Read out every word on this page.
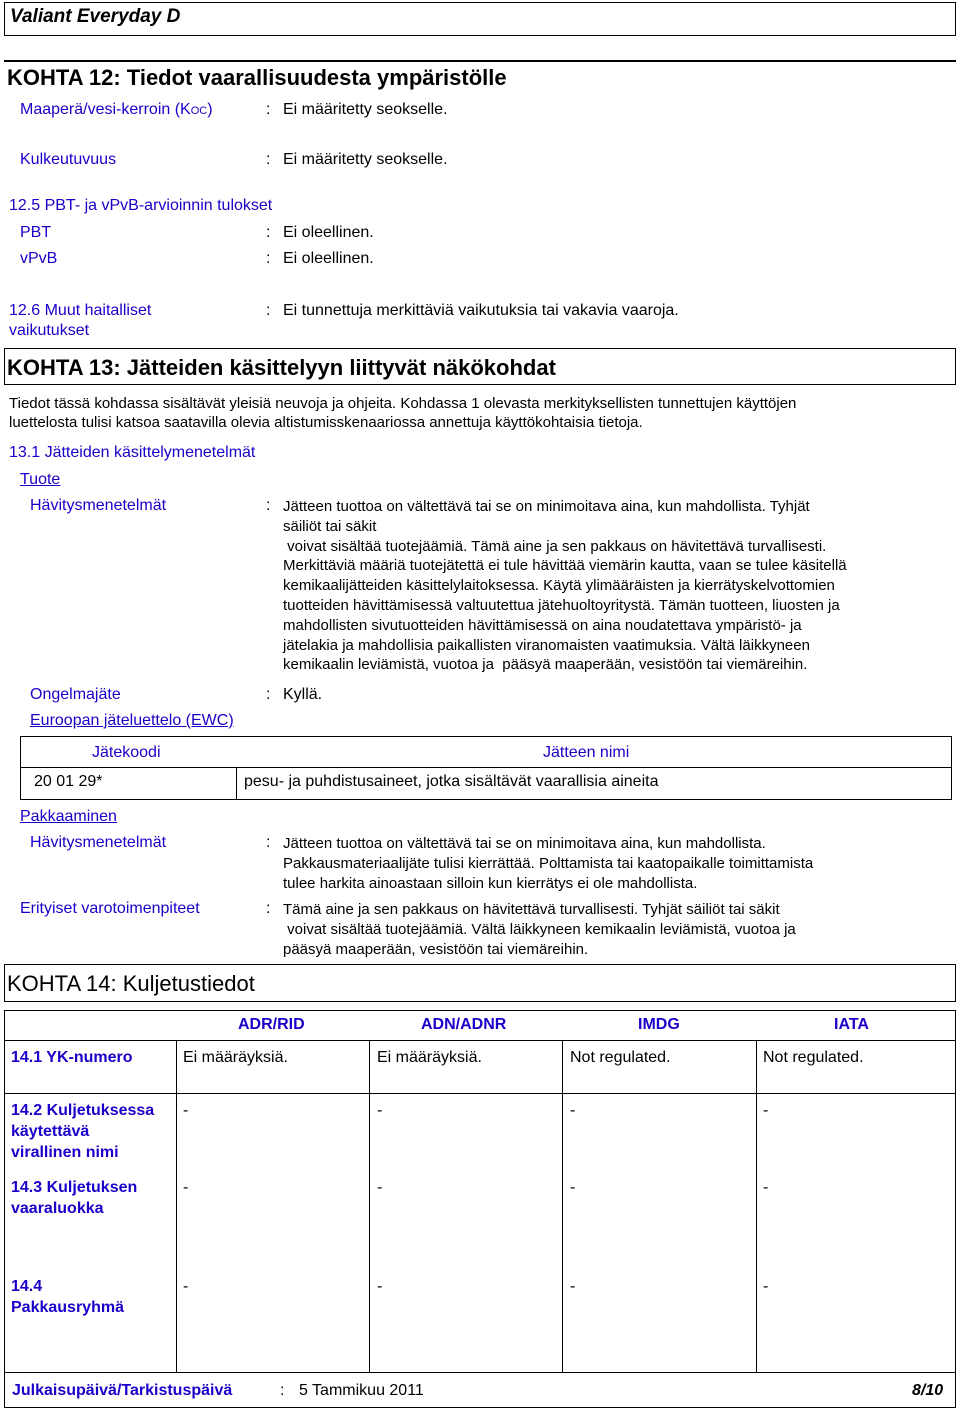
Valiant Everyday D
KOHTA 12: Tiedot vaarallisuudesta ympäristölle
Maaperä/vesi-kerroin (KOC)	: Ei määritetty seokselle.
Kulkeutuvuus	: Ei määritetty seokselle.
12.5 PBT- ja vPvB-arvioinnin tulokset
PBT	: Ei oleellinen.
vPvB	: Ei oleellinen.
12.6 Muut haitalliset
vaikutukset
: Ei tunnettuja merkittäviä vaikutuksia tai vakavia vaaroja.
KOHTA 13: Jätteiden käsittelyyn liittyvät näkökohdat
Tiedot tässä kohdassa sisältävät yleisiä neuvoja ja ohjeita. Kohdassa 1 olevasta merkityksellisten tunnettujen käyttöjen
luettelosta tulisi katsoa saatavilla olevia altistumisskenaariossa annettuja käyttökohtaisia tietoja.
13.1 Jätteiden käsittelymenetelmät
Tuote
Hävitysmenetelmät	: Jätteen tuottoa on vältettävä tai se on minimoitava aina, kun mahdollista. Tyhjät
säiliöt tai säkit
voivat sisältää tuotejäämiä. Tämä aine ja sen pakkaus on hävitettävä turvallisesti.
Merkittäviä määriä tuotejätettä ei tule hävittää viemärin kautta, vaan se tulee käsitellä
kemikaalijätteiden käsittelylaitoksessa. Käytä ylimääräisten ja kierrätyskelvottomien
tuotteiden hävittämisessä valtuutettua jätehuoltoyritystä. Tämän tuotteen, liuosten ja
mahdollisten sivutuotteiden hävittämisessä on aina noudatettava ympäristö- ja
jätelakia ja mahdollisia paikallisten viranomaisten vaatimuksia. Vältä läikkyneen
kemikaalin leviämistä, vuotoa ja  pääsyä maaperään, vesistöön tai viemäreihin.
Ongelmajäte	: Kyllä.
Euroopan jäteluettelo (EWC)
Jätekoodi	Jätteen nimi
20 01 29*	pesu- ja puhdistusaineet, jotka sisältävät vaarallisia aineita
Pakkaaminen
Hävitysmenetelmät	: Jätteen tuottoa on vältettävä tai se on minimoitava aina, kun mahdollista.
Pakkausmateriaalijäte tulisi kierrättää. Polttamista tai kaatopaikalle toimittamista
tulee harkita ainoastaan silloin kun kierrätys ei ole mahdollista.
Erityiset varotoimenpiteet	: Tämä aine ja sen pakkaus on hävitettävä turvallisesti. Tyhjät säiliöt tai säkit
voivat sisältää tuotejäämiä. Vältä läikkyneen kemikaalin leviämistä, vuotoa ja
pääsyä maaperään, vesistöön tai viemäreihin.
KOHTA 14: Kuljetustiedot
ADR/RID	ADN/ADNR	IMDG	IATA
14.1 YK-numero	Ei määräyksiä.	Ei määräyksiä.	Not regulated.	Not regulated.
14.2 Kuljetuksessa
käytettävä
virallinen nimi
-	-	-	-
14.3 Kuljetuksen
vaaraluokka
-	-	-	-
14.4
Pakkausryhmä
-	-	-	-
Julkaisupäivä/Tarkistuspäivä	: 5 Tammikuu 2011	8/10
